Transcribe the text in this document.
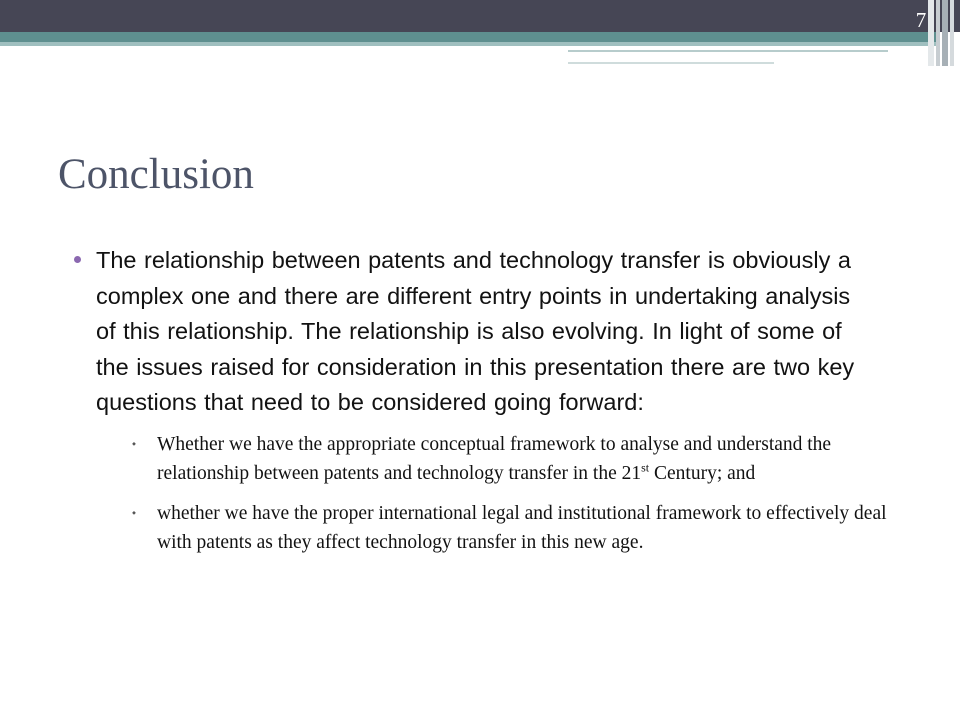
7
Conclusion
The relationship between patents and technology transfer is obviously a complex one and there are different entry points in undertaking analysis of this relationship. The relationship is also evolving. In light of some of the issues raised for consideration in this presentation there are two key questions that need to be considered going forward:
⬩ Whether we have the appropriate conceptual framework to analyse and understand the relationship between patents and technology transfer in the 21st Century; and
⬩ whether we have the proper international legal and institutional framework to effectively deal with patents as they affect technology transfer in this new age.
